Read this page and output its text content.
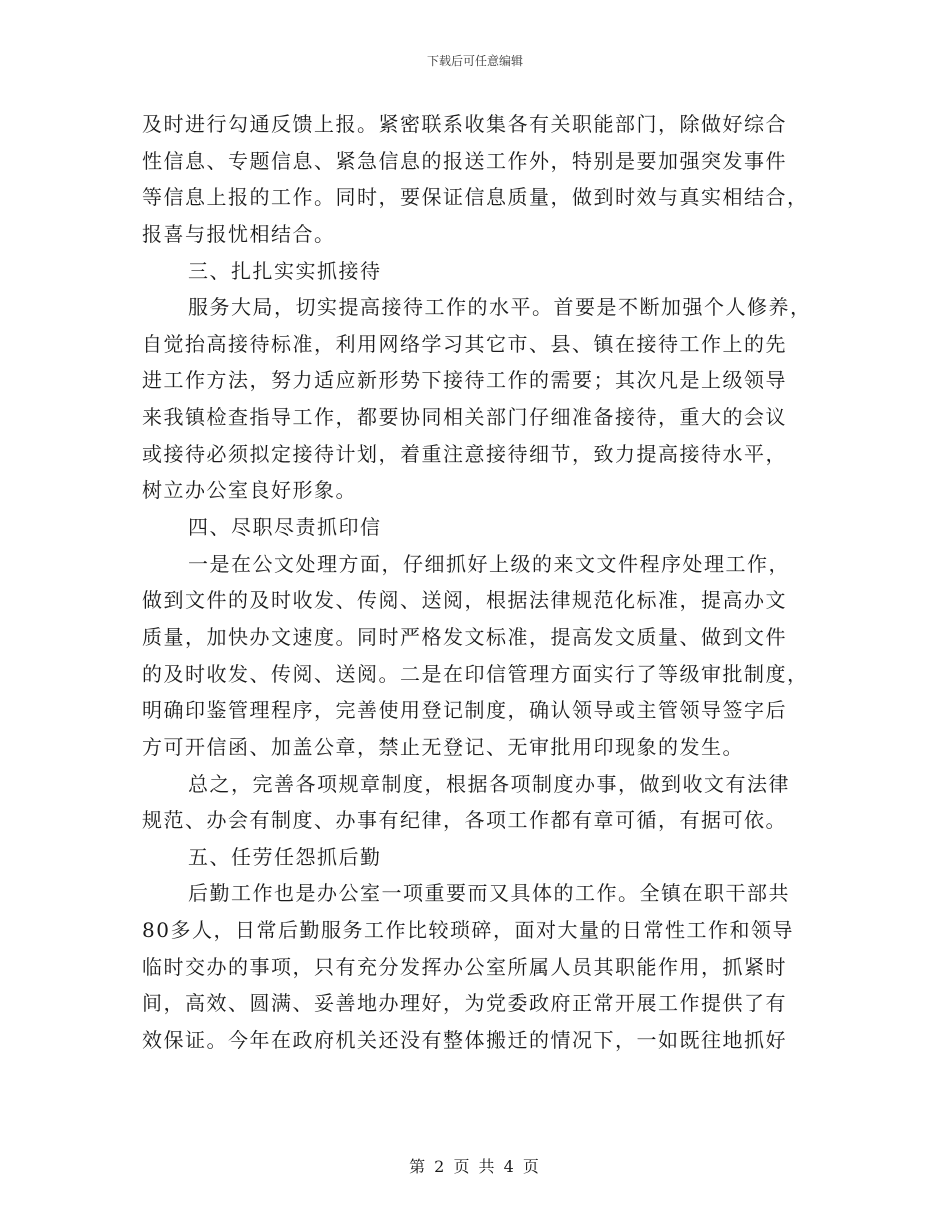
下载后可任意编辑
及时进行勾通反馈上报。紧密联系收集各有关职能部门，除做好综合
性信息、专题信息、紧急信息的报送工作外，特别是要加强突发事件
等信息上报的工作。同时，要保证信息质量，做到时效与真实相结合，
报喜与报忧相结合。
三、扎扎实实抓接待
服务大局，切实提高接待工作的水平。首要是不断加强个人修养，
自觉抬高接待标准，利用网络学习其它市、县、镇在接待工作上的先
进工作方法，努力适应新形势下接待工作的需要；其次凡是上级领导
来我镇检查指导工作，都要协同相关部门仔细准备接待，重大的会议
或接待必须拟定接待计划，着重注意接待细节，致力提高接待水平，
树立办公室良好形象。
四、尽职尽责抓印信
一是在公文处理方面，仔细抓好上级的来文文件程序处理工作，
做到文件的及时收发、传阅、送阅，根据法律规范化标准，提高办文
质量，加快办文速度。同时严格发文标准，提高发文质量、做到文件
的及时收发、传阅、送阅。二是在印信管理方面实行了等级审批制度，
明确印鉴管理程序，完善使用登记制度，确认领导或主管领导签字后
方可开信函、加盖公章，禁止无登记、无审批用印现象的发生。
总之，完善各项规章制度，根据各项制度办事，做到收文有法律
规范、办会有制度、办事有纪律，各项工作都有章可循，有据可依。
五、任劳任怨抓后勤
后勤工作也是办公室一项重要而又具体的工作。全镇在职干部共
80多人，日常后勤服务工作比较琐碎，面对大量的日常性工作和领导
临时交办的事项，只有充分发挥办公室所属人员其职能作用，抓紧时
间，高效、圆满、妥善地办理好，为党委政府正常开展工作提供了有
效保证。今年在政府机关还没有整体搬迁的情况下，一如既往地抓好
第 2 页 共 4 页
